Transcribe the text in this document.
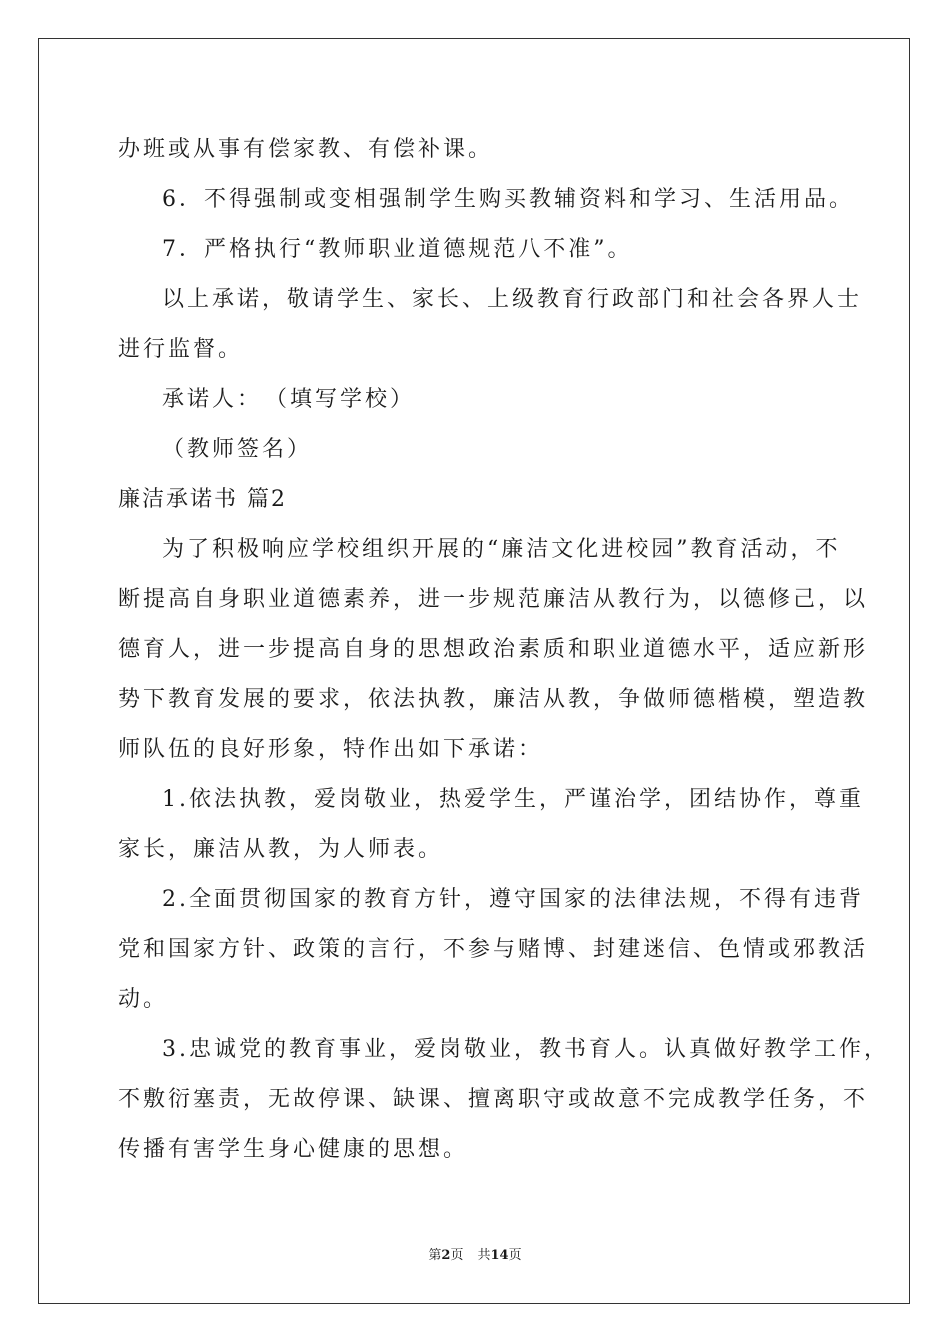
办班或从事有偿家教、有偿补课。
6．不得强制或变相强制学生购买教辅资料和学习、生活用品。
7．严格执行“教师职业道德规范八不准”。
以上承诺，敬请学生、家长、上级教育行政部门和社会各界人士
进行监督。
承诺人：　（填写学校）
（教师签名）
廉洁承诺书 篇2
为了积极响应学校组织开展的“廉洁文化进校园”教育活动，不
断提高自身职业道德素养，进一步规范廉洁从教行为，以德修己，以
德育人，进一步提高自身的思想政治素质和职业道德水平，适应新形
势下教育发展的要求，依法执教，廉洁从教，争做师德楷模，塑造教
师队伍的良好形象，特作出如下承诺：
1.依法执教，爱岗敬业，热爱学生，严谨治学，团结协作，尊重
家长，廉洁从教，为人师表。
2.全面贯彻国家的教育方针，遵守国家的法律法规，不得有违背
党和国家方针、政策的言行，不参与赌博、封建迷信、色情或邪教活
动。
3.忠诚党的教育事业，爱岗敬业，教书育人。认真做好教学工作，
不敷衍塞责，无故停课、缺课、擅离职守或故意不完成教学任务，不
传播有害学生身心健康的思想。
第2页 共14页
